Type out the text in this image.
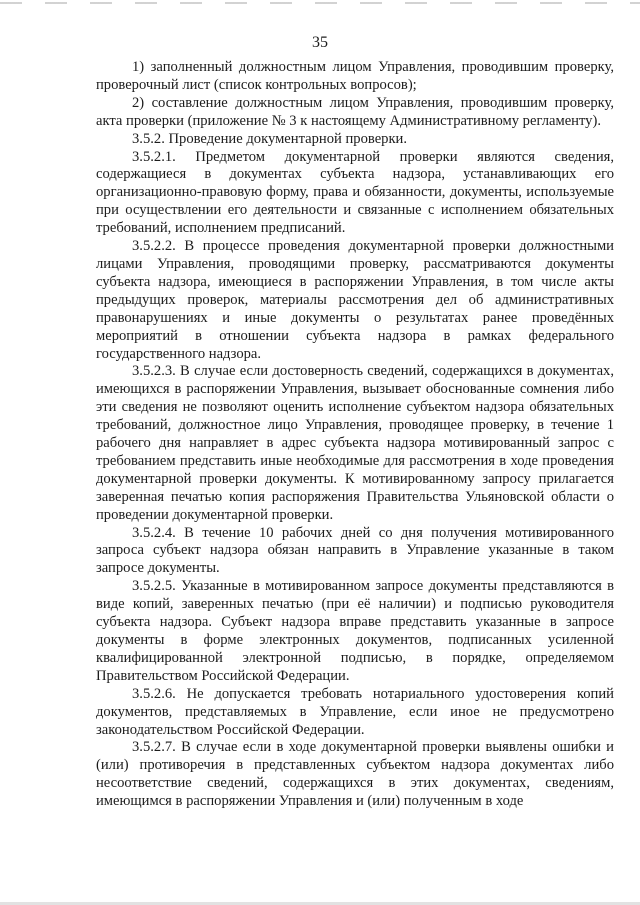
35

1) заполненный должностным лицом Управления, проводившим проверку, проверочный лист (список контрольных вопросов);

2) составление должностным лицом Управления, проводившим проверку, акта проверки (приложение № 3 к настоящему Административному регламенту).

3.5.2. Проведение документарной проверки.

3.5.2.1. Предметом документарной проверки являются сведения, содержащиеся в документах субъекта надзора, устанавливающих его организационно-правовую форму, права и обязанности, документы, используемые при осуществлении его деятельности и связанные с исполнением обязательных требований, исполнением предписаний.

3.5.2.2. В процессе проведения документарной проверки должностными лицами Управления, проводящими проверку, рассматриваются документы субъекта надзора, имеющиеся в распоряжении Управления, в том числе акты предыдущих проверок, материалы рассмотрения дел об административных правонарушениях и иные документы о результатах ранее проведённых мероприятий в отношении субъекта надзора в рамках федерального государственного надзора.

3.5.2.3. В случае если достоверность сведений, содержащихся в документах, имеющихся в распоряжении Управления, вызывает обоснованные сомнения либо эти сведения не позволяют оценить исполнение субъектом надзора обязательных требований, должностное лицо Управления, проводящее проверку, в течение 1 рабочего дня направляет в адрес субъекта надзора мотивированный запрос с требованием представить иные необходимые для рассмотрения в ходе проведения документарной проверки документы. К мотивированному запросу прилагается заверенная печатью копия распоряжения Правительства Ульяновской области о проведении документарной проверки.

3.5.2.4. В течение 10 рабочих дней со дня получения мотивированного запроса субъект надзора обязан направить в Управление указанные в таком запросе документы.

3.5.2.5. Указанные в мотивированном запросе документы представляются в виде копий, заверенных печатью (при её наличии) и подписью руководителя субъекта надзора. Субъект надзора вправе представить указанные в запросе документы в форме электронных документов, подписанных усиленной квалифицированной электронной подписью, в порядке, определяемом Правительством Российской Федерации.

3.5.2.6. Не допускается требовать нотариального удостоверения копий документов, представляемых в Управление, если иное не предусмотрено законодательством Российской Федерации.

3.5.2.7. В случае если в ходе документарной проверки выявлены ошибки и (или) противоречия в представленных субъектом надзора документах либо несоответствие сведений, содержащихся в этих документах, сведениям, имеющимся в распоряжении Управления и (или) полученным в ходе
